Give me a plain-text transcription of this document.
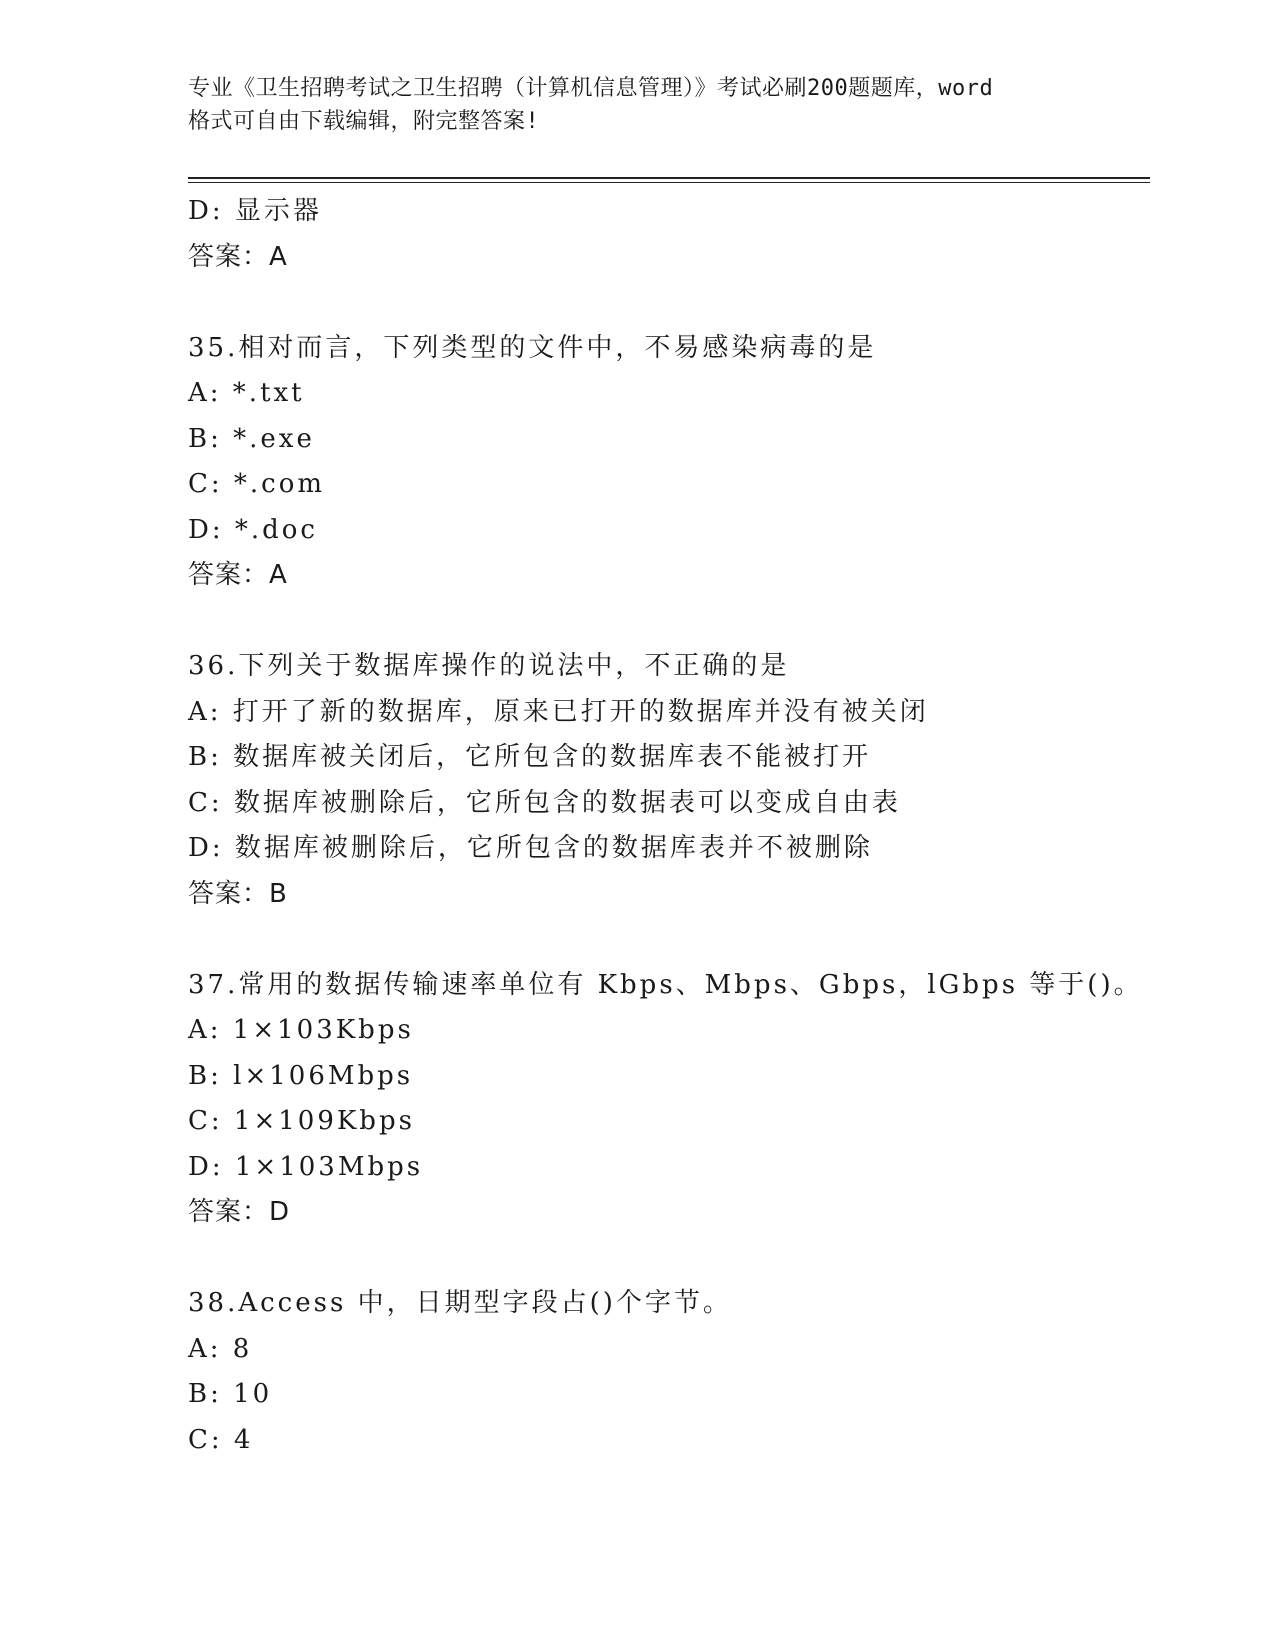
专业《卫生招聘考试之卫生招聘（计算机信息管理）》考试必刷200题题库，word
格式可自由下载编辑，附完整答案!
D: 显示器
答案：A
35.相对而言，下列类型的文件中，不易感染病毒的是
A: *.txt
B: *.exe
C: *.com
D: *.doc
答案：A
36.下列关于数据库操作的说法中，不正确的是
A: 打开了新的数据库，原来已打开的数据库并没有被关闭
B: 数据库被关闭后，它所包含的数据库表不能被打开
C: 数据库被删除后，它所包含的数据表可以变成自由表
D: 数据库被删除后，它所包含的数据库表并不被删除
答案：B
37.常用的数据传输速率单位有 Kbps、Mbps、Gbps，lGbps 等于()。
A: 1×103Kbps
B: l×106Mbps
C: 1×109Kbps
D: 1×103Mbps
答案：D
38.Access 中，日期型字段占()个字节。
A: 8
B: 10
C: 4
